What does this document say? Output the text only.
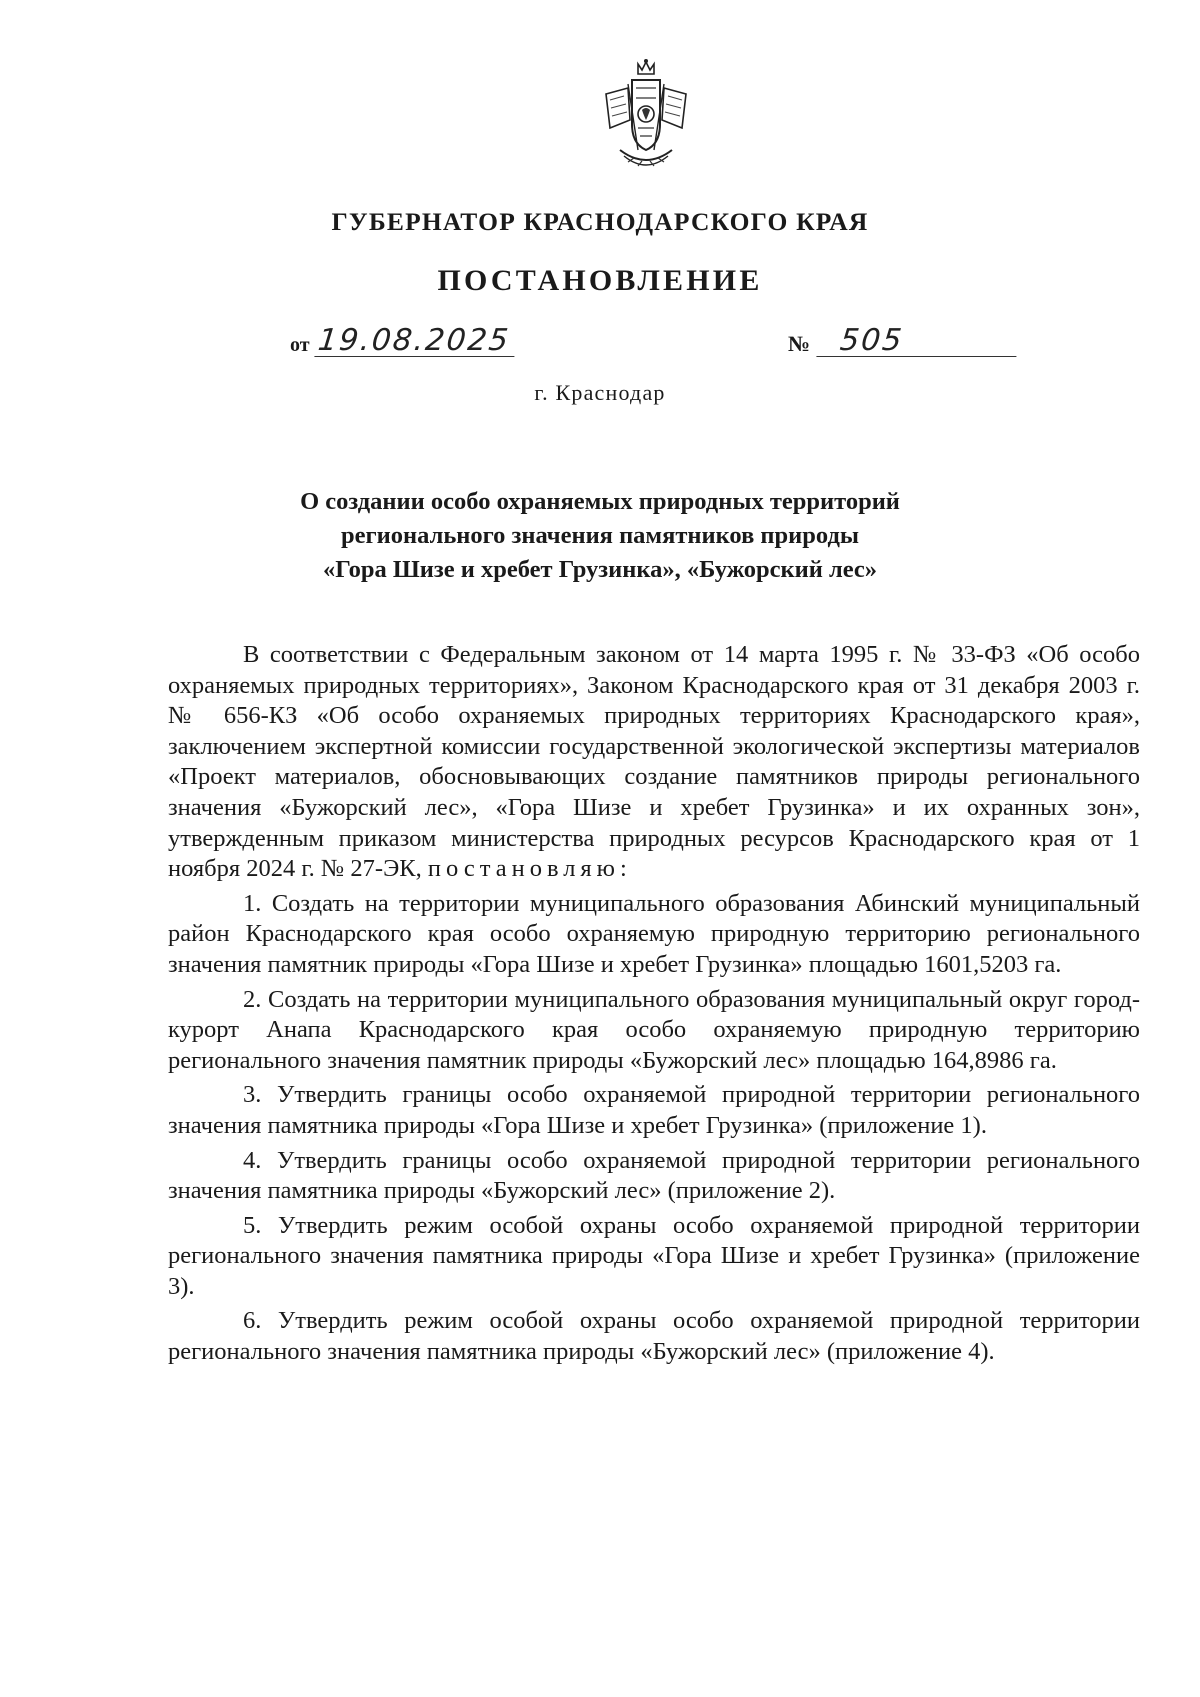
ГУБЕРНАТОР КРАСНОДАРСКОГО КРАЯ
ПОСТАНОВЛЕНИЕ
от 19.08.2025	№ 505
г. Краснодар
О создании особо охраняемых природных территорий
регионального значения памятников природы
«Гора Шизе и хребет Грузинка», «Бужорский лес»

В соответствии с Федеральным законом от 14 марта 1995 г. № 33-ФЗ «Об особо охраняемых природных территориях», Законом Краснодарского края от 31 декабря 2003 г. № 656-КЗ «Об особо охраняемых природных территориях Краснодарского края», заключением экспертной комиссии государственной экологической экспертизы материалов «Проект материалов, обосновывающих создание памятников природы регионального значения «Бужорский лес», «Гора Шизе и хребет Грузинка» и их охранных зон», утвержденным приказом министерства природных ресурсов Краснодарского края от 1 ноября 2024 г. № 27-ЭК, постановляю:

1. Создать на территории муниципального образования Абинский муниципальный район Краснодарского края особо охраняемую природную территорию регионального значения памятник природы «Гора Шизе и хребет Грузинка» площадью 1601,5203 га.

2. Создать на территории муниципального образования муниципальный округ город-курорт Анапа Краснодарского края особо охраняемую природную территорию регионального значения памятник природы «Бужорский лес» площадью 164,8986 га.

3. Утвердить границы особо охраняемой природной территории регионального значения памятника природы «Гора Шизе и хребет Грузинка» (приложение 1).

4. Утвердить границы особо охраняемой природной территории регионального значения памятника природы «Бужорский лес» (приложение 2).

5. Утвердить режим особой охраны особо охраняемой природной территории регионального значения памятника природы «Гора Шизе и хребет Грузинка» (приложение 3).

6. Утвердить режим особой охраны особо охраняемой природной территории регионального значения памятника природы «Бужорский лес» (приложение 4).
